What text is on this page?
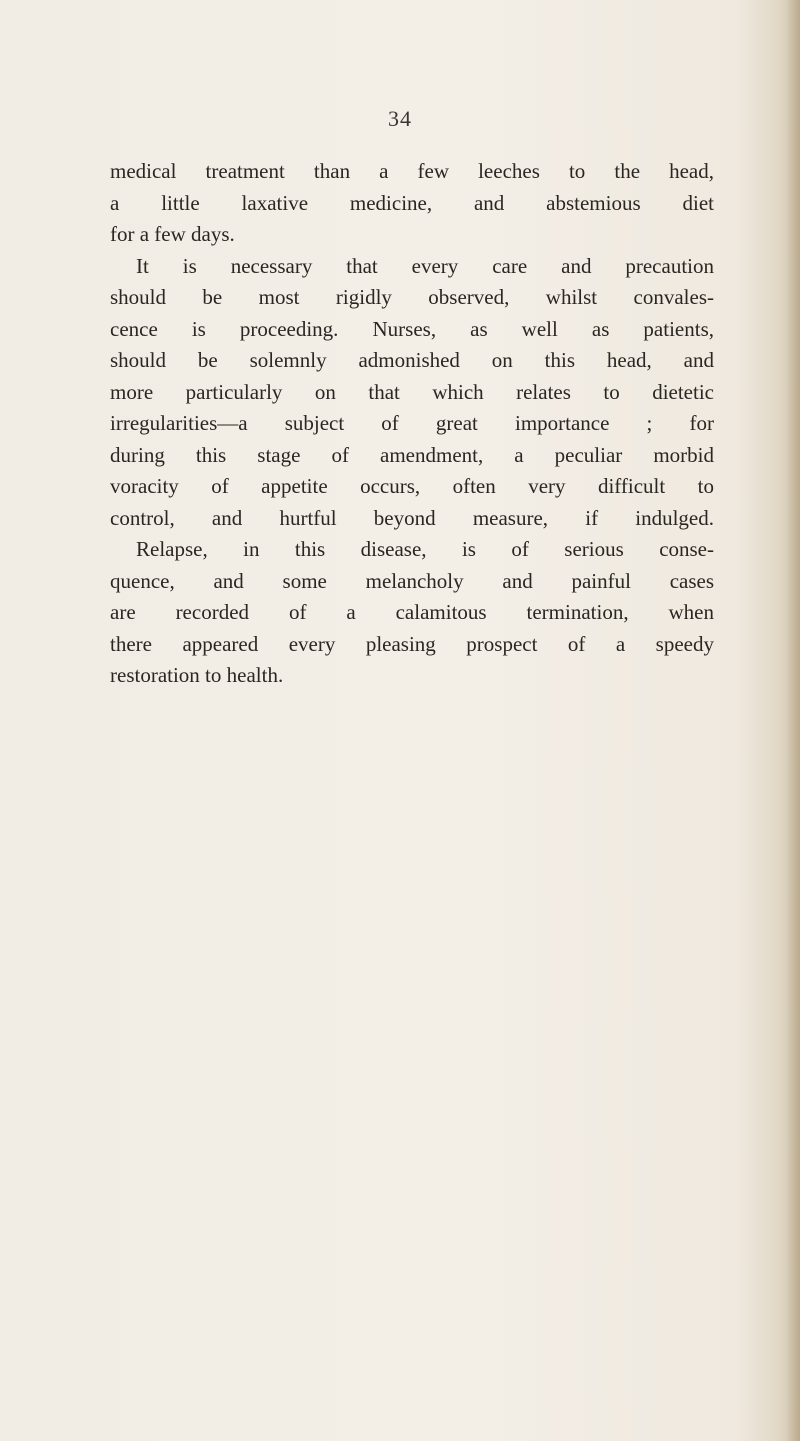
34
medical treatment than a few leeches to the head,
a little laxative medicine, and abstemious diet
for a few days.
It is necessary that every care and precaution
should be most rigidly observed, whilst convales-
cence is proceeding. Nurses, as well as patients,
should be solemnly admonished on this head, and
more particularly on that which relates to dietetic
irregularities—a subject of great importance ; for
during this stage of amendment, a peculiar morbid
voracity of appetite occurs, often very difficult to
control, and hurtful beyond measure, if indulged.
Relapse, in this disease, is of serious conse-
quence, and some melancholy and painful cases
are recorded of a calamitous termination, when
there appeared every pleasing prospect of a speedy
restoration to health.
